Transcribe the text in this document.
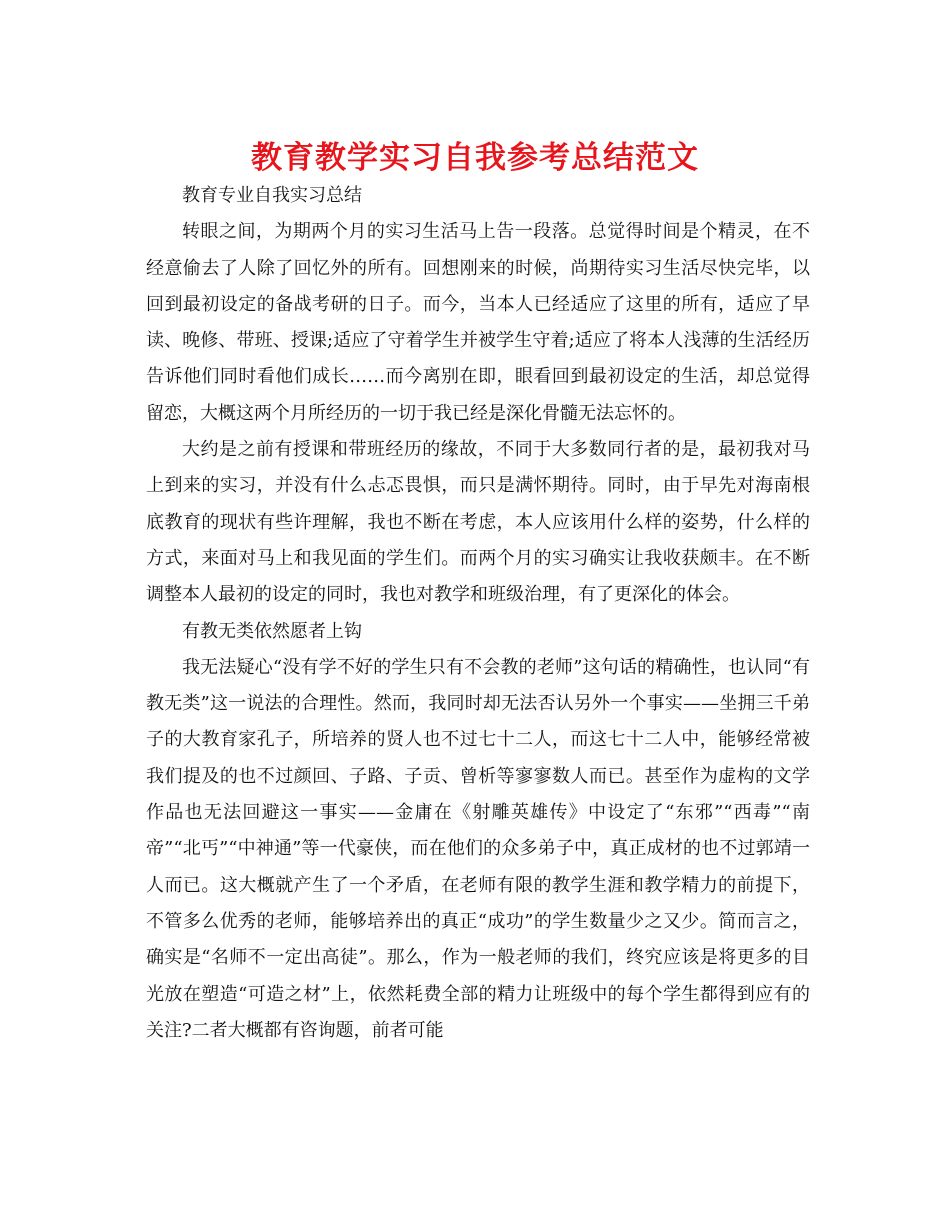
教育教学实习自我参考总结范文

教育专业自我实习总结

转眼之间，为期两个月的实习生活马上告一段落。总觉得时间是个精灵，在不经意偷去了人除了回忆外的所有。回想刚来的时候，尚期待实习生活尽快完毕，以回到最初设定的备战考研的日子。而今，当本人已经适应了这里的所有，适应了早读、晚修、带班、授课;适应了守着学生并被学生守着;适应了将本人浅薄的生活经历告诉他们同时看他们成长……而今离别在即，眼看回到最初设定的生活，却总觉得留恋，大概这两个月所经历的一切于我已经是深化骨髓无法忘怀的。

大约是之前有授课和带班经历的缘故，不同于大多数同行者的是，最初我对马上到来的实习，并没有什么忐忑畏惧，而只是满怀期待。同时，由于早先对海南根底教育的现状有些许理解，我也不断在考虑，本人应该用什么样的姿势，什么样的方式，来面对马上和我见面的学生们。而两个月的实习确实让我收获颇丰。在不断调整本人最初的设定的同时，我也对教学和班级治理，有了更深化的体会。

有教无类依然愿者上钩

我无法疑心“没有学不好的学生只有不会教的老师”这句话的精确性，也认同“有教无类”这一说法的合理性。然而，我同时却无法否认另外一个事实——坐拥三千弟子的大教育家孔子，所培养的贤人也不过七十二人，而这七十二人中，能够经常被我们提及的也不过颜回、子路、子贡、曾析等寥寥数人而已。甚至作为虚构的文学作品也无法回避这一事实——金庸在《射雕英雄传》中设定了“东邪”“西毒”“南帝”“北丐”“中神通”等一代豪侠，而在他们的众多弟子中，真正成材的也不过郭靖一人而已。这大概就产生了一个矛盾，在老师有限的教学生涯和教学精力的前提下，不管多么优秀的老师，能够培养出的真正“成功”的学生数量少之又少。简而言之，确实是“名师不一定出高徒”。那么，作为一般老师的我们，终究应该是将更多的目光放在塑造“可造之材”上，依然耗费全部的精力让班级中的每个学生都得到应有的关注?二者大概都有咨询题，前者可能
